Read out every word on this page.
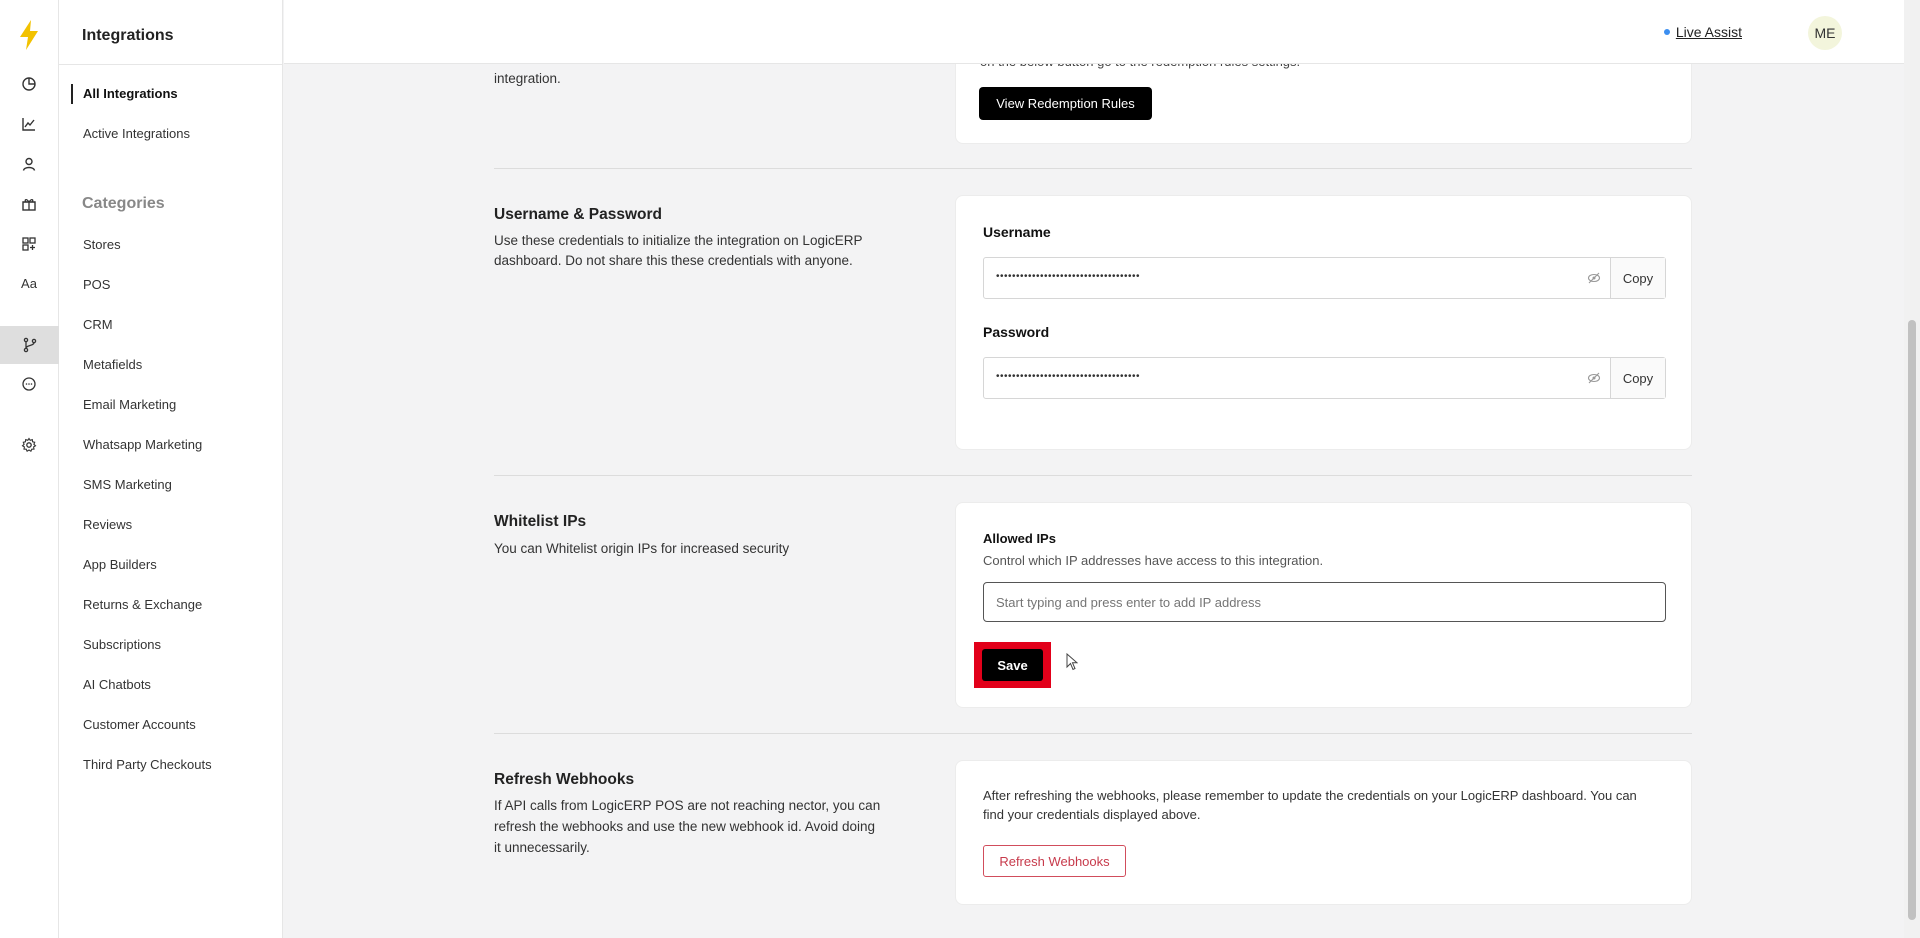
Aa
Integrations
All Integrations
Active Integrations
Categories
Stores
POS
CRM
Metafields
Email Marketing
Whatsapp Marketing
SMS Marketing
Reviews
App Builders
Returns & Exchange
Subscriptions
AI Chatbots
Customer Accounts
Third Party Checkouts
integration.
View Redemption Rules
Username & Password
Use these credentials to initialize the integration on LogicERP
dashboard. Do not share this these credentials with anyone.
Username
••••••••••••••••••••••••••••••••••••	Copy
Password
••••••••••••••••••••••••••••••••••••	Copy
Whitelist IPs
You can Whitelist origin IPs for increased security
Allowed IPs
Control which IP addresses have access to this integration.
Start typing and press enter to add IP address
Save
Refresh Webhooks
If API calls from LogicERP POS are not reaching nector, you can
refresh the webhooks and use the new webhook id. Avoid doing
it unnecessarily.
After refreshing the webhooks, please remember to update the credentials on your LogicERP dashboard. You can
find your credentials displayed above.
Refresh Webhooks
Live Assist	ME
